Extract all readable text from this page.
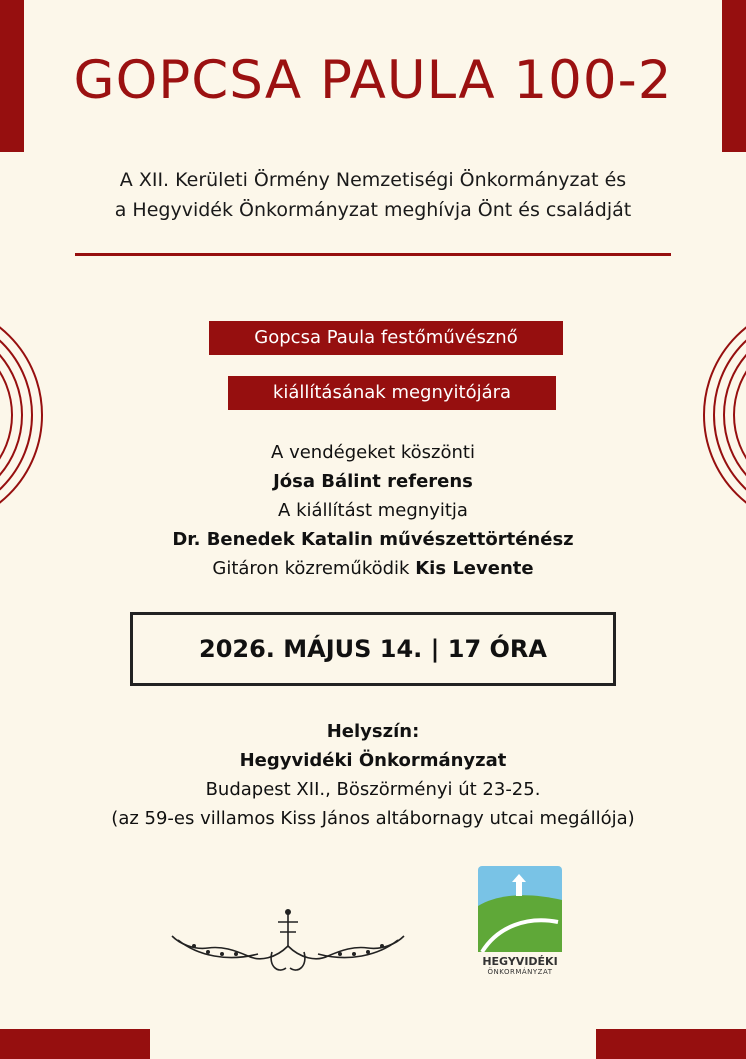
GOPCSA PAULA 100-2
A XII. Kerületi Örmény Nemzetiségi Önkormányzat és
a Hegyvidék Önkormányzat meghívja Önt és családját
Gopcsa Paula festőművésznő
kiállításának megnyitójára
A vendégeket köszönti
Jósa Bálint referens
A kiállítást megnyitja
Dr. Benedek Katalin művészettörténész
Gitáron közreműködik Kis Levente
2026. MÁJUS 14. | 17 ÓRA
Helyszín:
Hegyvidéki Önkormányzat
Budapest XII., Böszörményi út 23-25.
(az 59-es villamos Kiss János altábornagy utcai megállója)
HEGYVIDÉKI
ÖNKORMÁNYZAT
